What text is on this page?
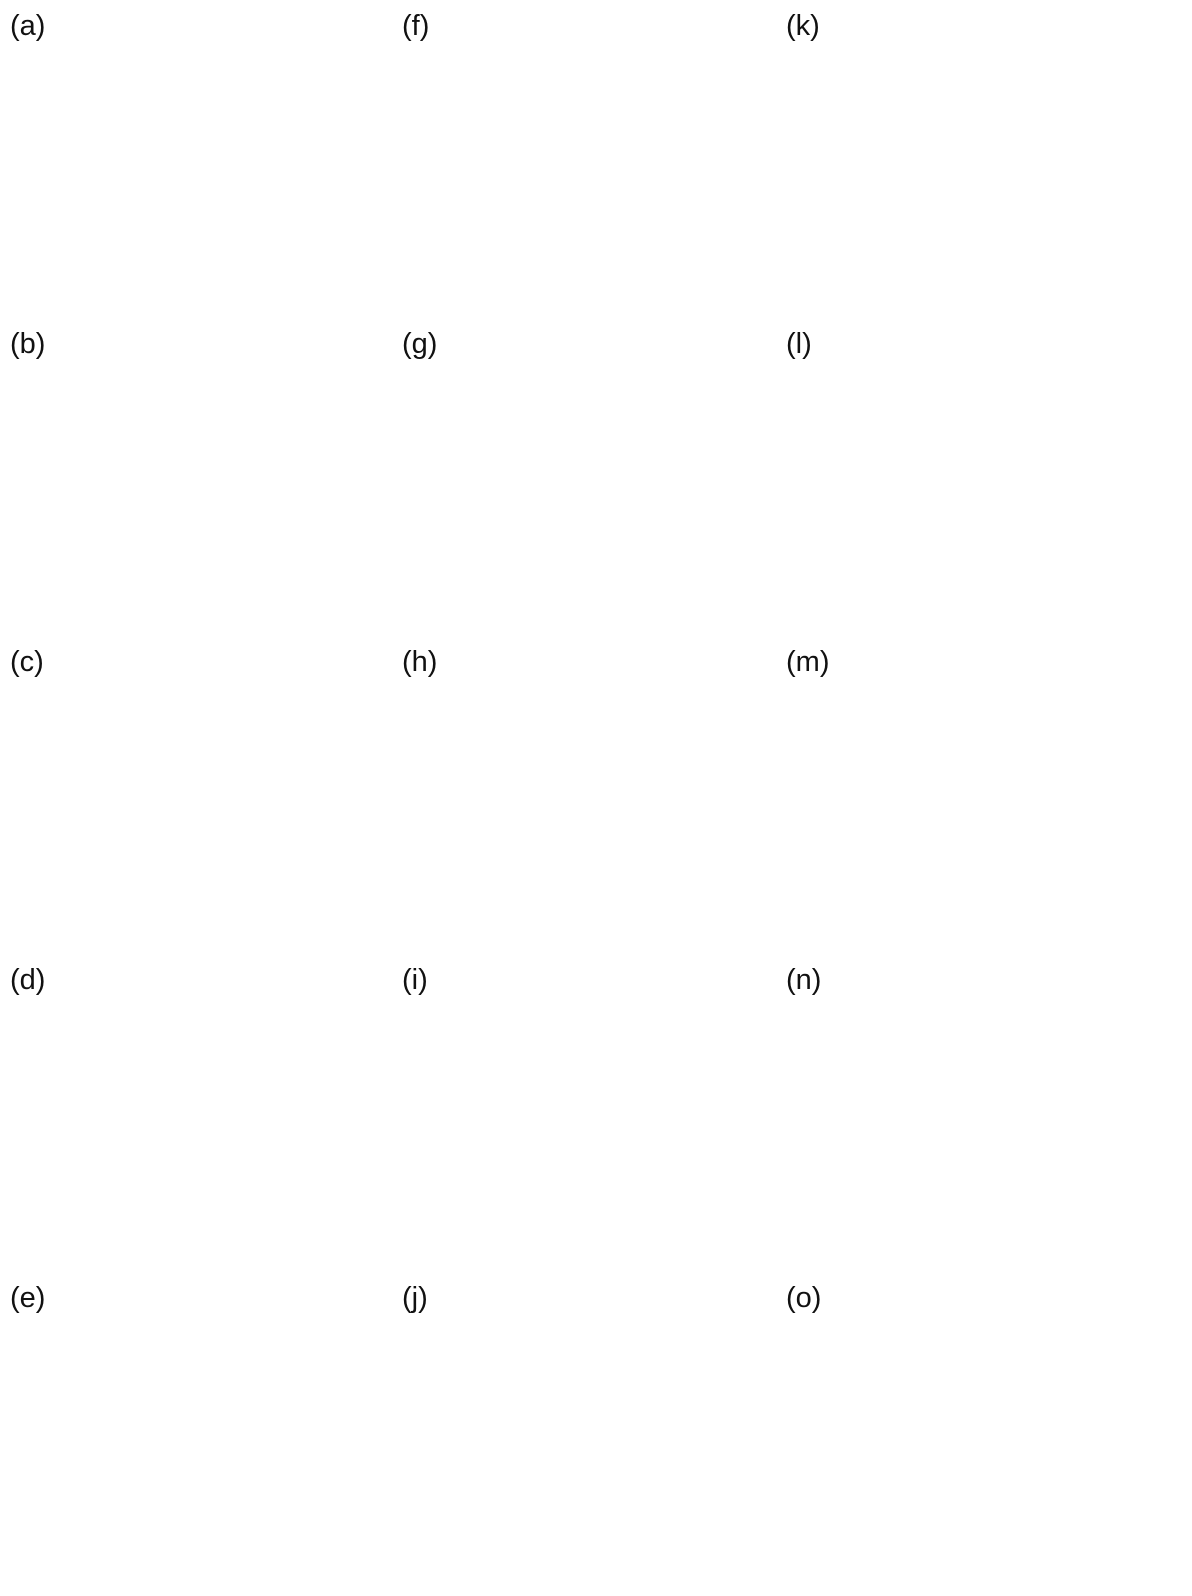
(a)	(f)	(k)
(b)	(g)	(l)
(c)	(h)	(m)
(d)	(i)	(n)
(e)	(j)	(o)
